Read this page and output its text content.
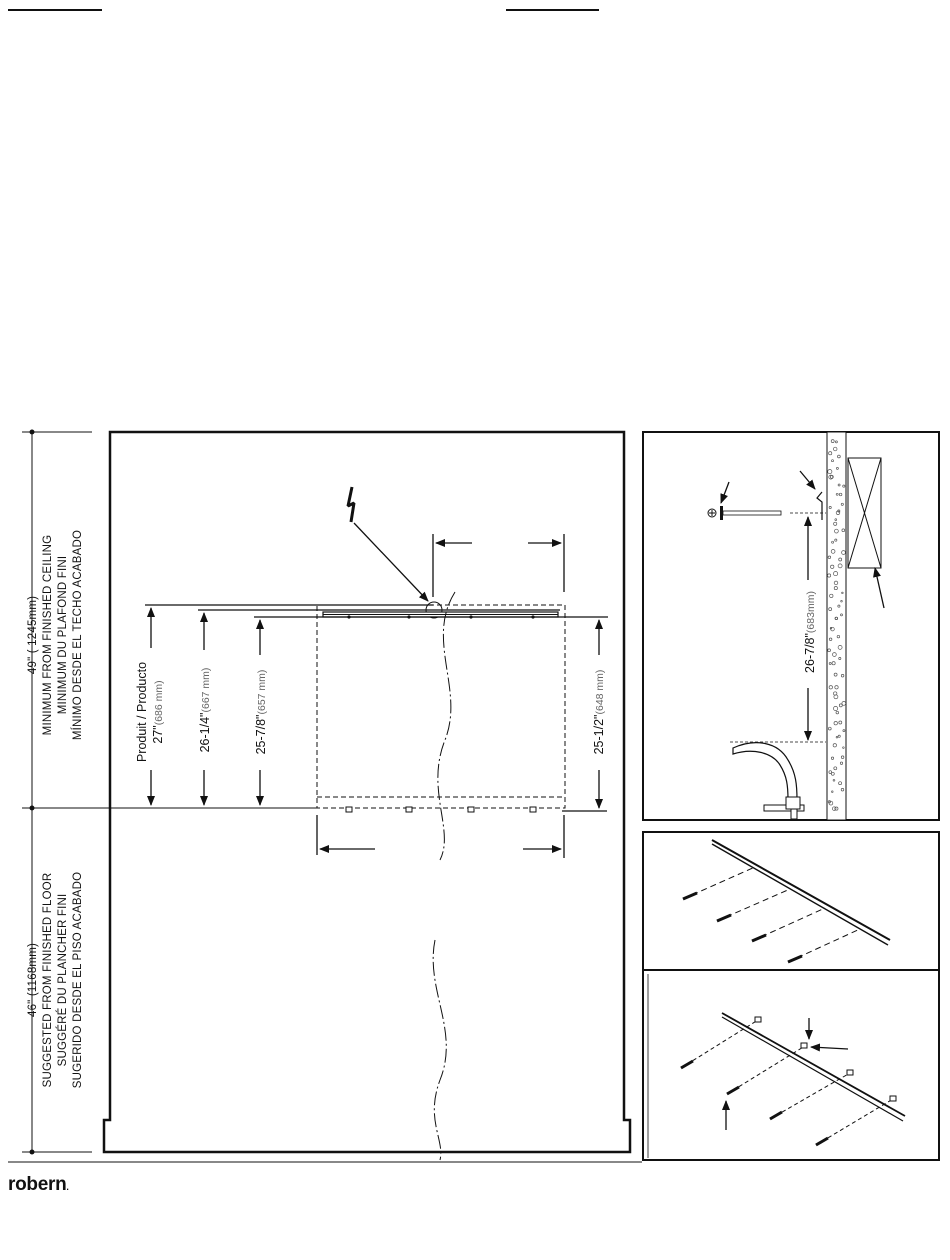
49" ( 1245mm) MINIMUM FROM FINISHED CEILING MINIMUM DU PLAFOND FINI MÍNIMO DESDE EL TECHO ACABADO
46" (1168mm) SUGGESTED FROM FINISHED FLOOR SUGGÉRÉ DU PLANCHER FINI SUGERIDO DESDE EL PISO ACABADO
Produit / Producto 27"(686 mm)
26-1/4"(667 mm)
25-7/8"(657 mm)
25-1/2"(648 mm)
26-7/8"(683mm)
robern.
